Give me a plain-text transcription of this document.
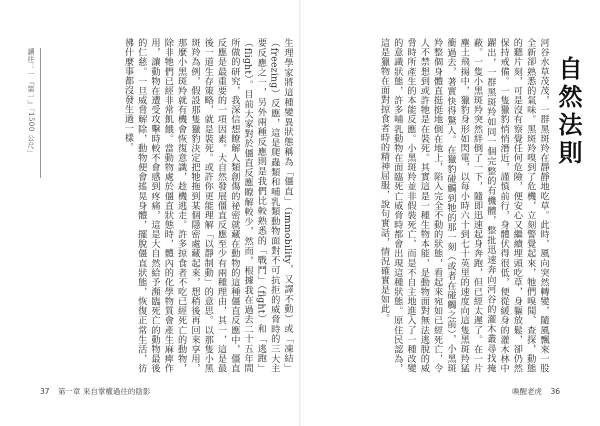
自然法則
河谷水草茂茂，一群黑斑羚在靜靜地吃草。此時，風向突然轉變，隨風飄來一股全新卻熟悉的氣味。黑斑羚嗅到了危機，立刻警覺起來，牠們嗅聞、查探，動態的聽片刻，可是沒有察覺任何危險，便安心又繼續埋頭吃草，身軀放鬆，卻仍然保持戒備。一隻獵豹悄悄潛近，謹慎前行，身體伏得很低，便從緩身的灌木林中躍出，一群黑斑羚如同一個完整的有機體，整批迅速奔向河谷的灌木叢尋找掩蔽。一隻小黑斑羚突然絆倒了一下，隨即迅速起身奔跑，但已經太遲了。在一片塵土飛揚中，獵豹身形如閃電，以每小時六十到七十英里的速度向這隻黑斑羚猛衝過去，著實快得驚人。在獵豹碰觸到牠的那一刻（或者在碰觸之前），小黑斑羚整個身體直挺挺地倒在地上，陷入完全不動的狀態，看起來宛如已經死亡，令人不禁想到或許牠是在裝死。其實這是一種生物本能，是動物面對無法逃脫的威脅時所產生的本能反應。小黑斑羚並非假裝死亡，而是不自主地進入了一種改變的意識狀態，許多哺乳動物在面臨死亡威脅時都會出現這種狀態。原住民認為，這是獵物在面對掠食者時的精神屈服，說句實話，情況確實是如此。
生理學家將這種變異狀態稱為「僵直」（immobility，又譯不動）或「凍結」（freezing）反應，這是爬蟲類和哺乳類動物面對不可抗拒的威脅時的三大主要反應之一，另外兩種反應則是我們比較熟悉的「戰鬥」（fight）和「逃跑」（flight）。目前大家對於僵直反應瞭解較少，然而，根據我在過去二十五年間所做的研究，我深信想瞭解人類創傷的祕密就藏在動物的這種僵直反應中，僵直反應是最重要的一項因素。大自然發展僵直反應至少有兩種理由，其一，這是最後一道生存策略，就是裝死。或許你更能理解「以靜制動」的意思。以那隻小黑斑羚為例，假設那隻獵豹決定把牠拖到某個隱密處藏起來，想稍後再回來享用，那麼小黑斑羚就有機會恢復意識，趁機逃走。許多掠食者不吃已經死亡的動物，除非牠們已經非常飢餓。當動物處於僵直狀態時，體內的化學物質會產生麻痺作用，讓動物在遭受攻擊時較不會感到疼痛，這是大自然給予瀕臨死亡的動物最後的仁慈。一旦威脅解除，動物便會搖晃身體，擺脫僵直狀態，恢復正常生活，彷彿什麼事都沒發生過一樣。
讀往：一『第一』「1500 公尺」
37 第一章 來自掌權過往的陰影	喚醒老虎 36
